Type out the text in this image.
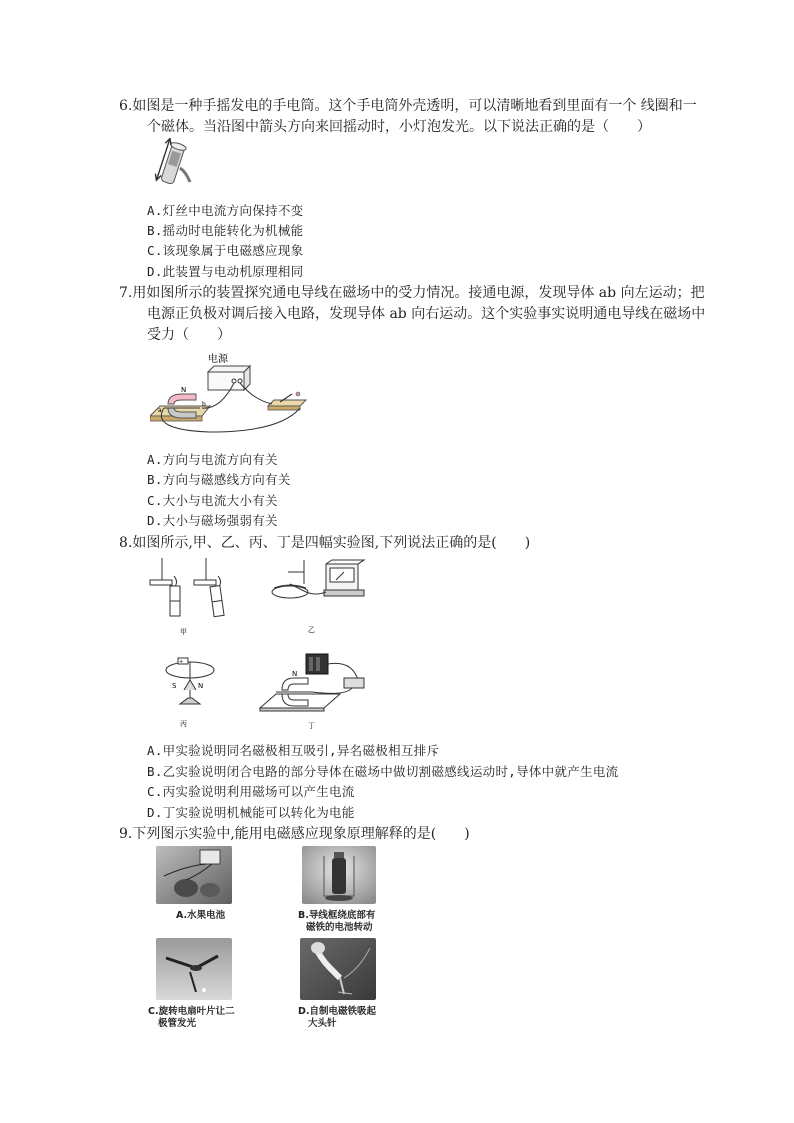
6.如图是一种手摇发电的手电筒。这个手电筒外壳透明，可以清晰地看到里面有一个 线圈和一
个磁体。当沿图中箭头方向来回摇动时，小灯泡发光。以下说法正确的是（　　）
A.灯丝中电流方向保持不变
B.摇动时电能转化为机械能
C.该现象属于电磁感应现象
D.此装置与电动机原理相同
7.用如图所示的装置探究通电导线在磁场中的受力情况。接通电源，发现导体 ab 向左运动；把
电源正负极对调后接入电路，发现导体 ab 向右运动。这个实验事实说明通电导线在磁场中
受力（　　）
电源
N
a
b
A.方向与电流方向有关
B.方向与磁感线方向有关
C.大小与电流大小有关
D.大小与磁场强弱有关
8.如图所示,甲、乙、丙、丁是四幅实验图,下列说法正确的是(　　)
甲	乙
+
S	N
丙
N
丁
A.甲实验说明同名磁极相互吸引,异名磁极相互排斥
B.乙实验说明闭合电路的部分导体在磁场中做切割磁感线运动时,导体中就产生电流
C.丙实验说明利用磁场可以产生电流
D.丁实验说明机械能可以转化为电能
9.下列图示实验中,能用电磁感应现象原理解释的是(　　)
A.水果电池	B.导线框绕底部有
磁铁的电池转动
C.旋转电扇叶片让二
极管发光
D.自制电磁铁吸起
大头针
